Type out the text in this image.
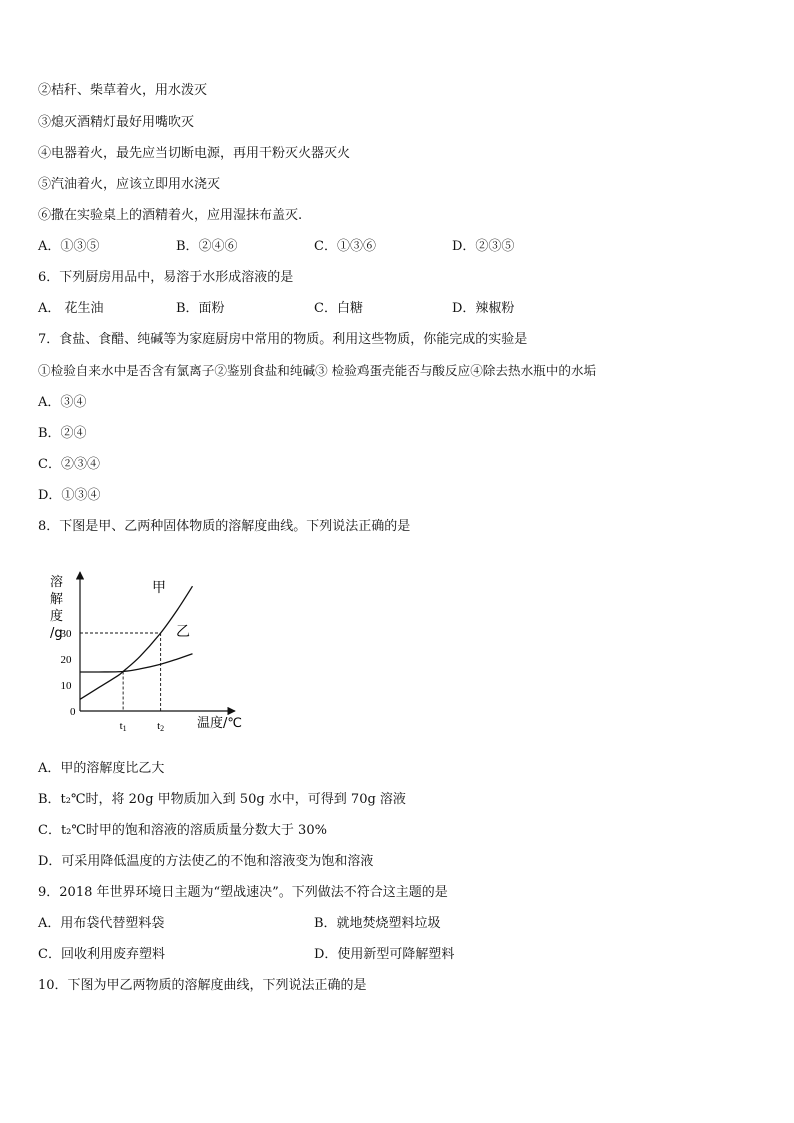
②桔秆、柴草着火，用水泼灭
③熄灭酒精灯最好用嘴吹灭
④电器着火，最先应当切断电源，再用干粉灭火器灭火
⑤汽油着火，应该立即用水浇灭
⑥撒在实验桌上的酒精着火，应用湿抹布盖灭.
A．①③⑤	B．②④⑥	C．①③⑥	D．②③⑤
6．下列厨房用品中，易溶于水形成溶液的是
A． 花生油	B．面粉	C．白糖	D．辣椒粉
7．食盐、食醋、纯碱等为家庭厨房中常用的物质。利用这些物质，你能完成的实验是
①检验自来水中是否含有氯离子②鉴别食盐和纯碱③ 检验鸡蛋壳能否与酸反应④除去热水瓶中的水垢
A．③④
B．②④
C．②③④
D．①③④
8．下图是甲、乙两种固体物质的溶解度曲线。下列说法正确的是
溶
解
度
/g
甲
乙
10
20
30
t1	t2	温度/℃
0
A．甲的溶解度比乙大
B．t₂℃时，将 20g 甲物质加入到 50g 水中，可得到 70g 溶液
C．t₂℃时甲的饱和溶液的溶质质量分数大于 30%
D．可采用降低温度的方法使乙的不饱和溶液变为饱和溶液
9．2018 年世界环境日主题为“塑战速决”。下列做法不符合这主题的是
A．用布袋代替塑料袋	B．就地焚烧塑料垃圾
C．回收利用废弃塑料	D．使用新型可降解塑料
10．下图为甲乙两物质的溶解度曲线，下列说法正确的是
